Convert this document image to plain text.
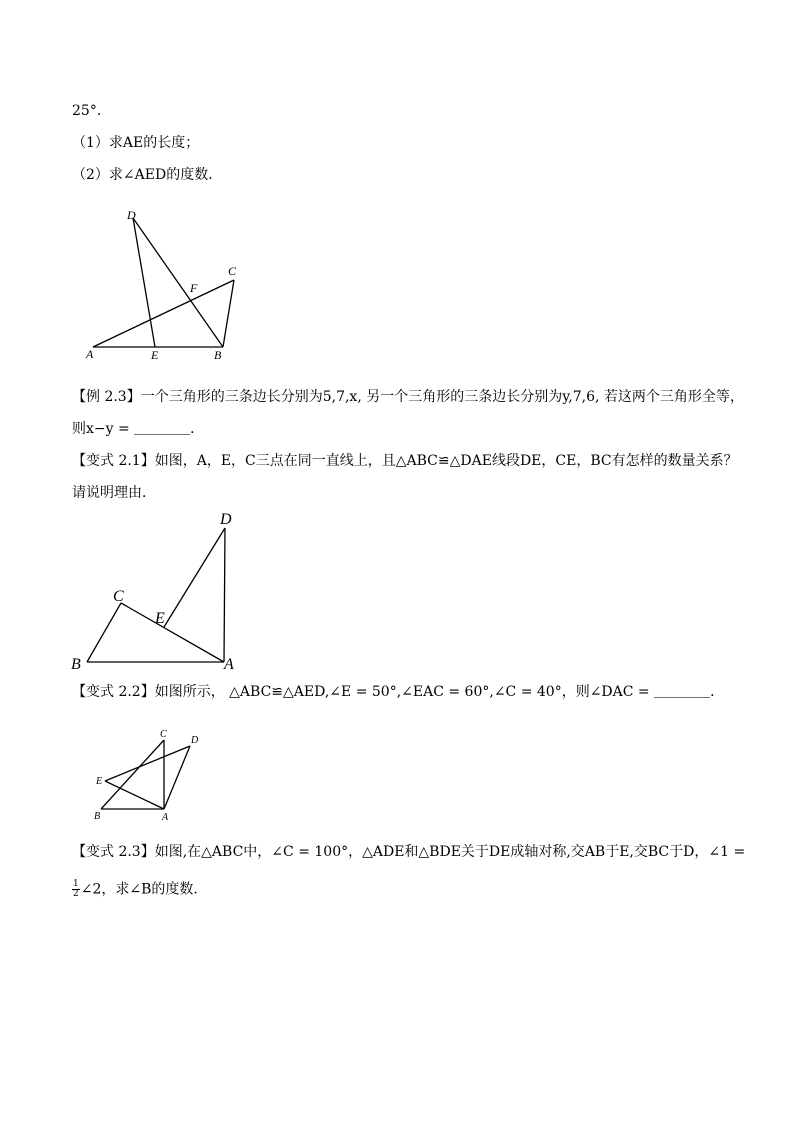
25°．
（1）求AE的长度；
（2）求∠AED的度数．
D
C
F
A	E	B
【例 2.3】一个三角形的三条边长分别为5,7,x, 另一个三角形的三条边长分别为y,7,6, 若这两个三角形全等，
则x−y = ＿＿＿＿．
【变式 2.1】如图，A，E，C三点在同一直线上，且△ABC≌△DAE线段DE，CE，BC有怎样的数量关系？
请说明理由．
D
C
E
B	A
【变式 2.2】如图所示， △ABC≌△AED,∠E = 50°,∠EAC = 60°,∠C = 40°，则∠DAC = ＿＿＿＿．
C
D
E
B	A
【变式 2.3】如图,在△ABC中，∠C = 100°，△ADE和△BDE关于DE成轴对称,交AB于E,交BC于D，∠1 =
$\frac{1}{2}$ ∠2，求∠B的度数．
